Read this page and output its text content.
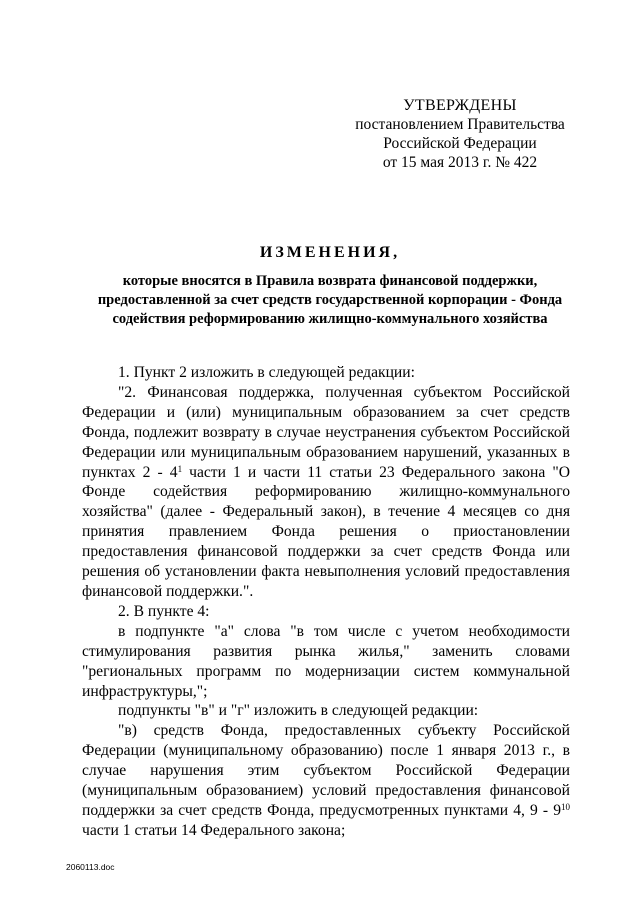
УТВЕРЖДЕНЫ
постановлением Правительства
Российской Федерации
от 15 мая 2013 г. № 422
ИЗМЕНЕНИЯ,
которые вносятся в Правила возврата финансовой поддержки,
предоставленной за счет средств государственной корпорации - Фонда
содействия реформированию жилищно-коммунального хозяйства

1. Пункт 2 изложить в следующей редакции:

"2. Финансовая поддержка, полученная субъектом Российской Федерации и (или) муниципальным образованием за счет средств Фонда, подлежит возврату в случае неустранения субъектом Российской Федерации или муниципальным образованием нарушений, указанных в пунктах $2 - 4^1$ части 1 и части 11 статьи 23 Федерального закона "О Фонде содействия реформированию жилищно-коммунального хозяйства" (далее - Федеральный закон), в течение 4 месяцев со дня принятия правлением Фонда решения о приостановлении предоставления финансовой поддержки за счет средств Фонда или решения об установлении факта невыполнения условий предоставления финансовой поддержки.".

2. В пункте 4:

в подпункте "а" слова "в том числе с учетом необходимости стимулирования развития рынка жилья," заменить словами "региональных программ по модернизации систем коммунальной инфраструктуры,";

подпункты "в" и "г" изложить в следующей редакции:

"в) средств Фонда, предоставленных субъекту Российской Федерации (муниципальному образованию) после 1 января 2013 г., в случае нарушения этим субъектом Российской Федерации (муниципальным образованием) условий предоставления финансовой поддержки за счет средств Фонда, предусмотренных пунктами 4, $9 - 9^{10}$ части 1 статьи 14 Федерального закона;

2060113.doc
